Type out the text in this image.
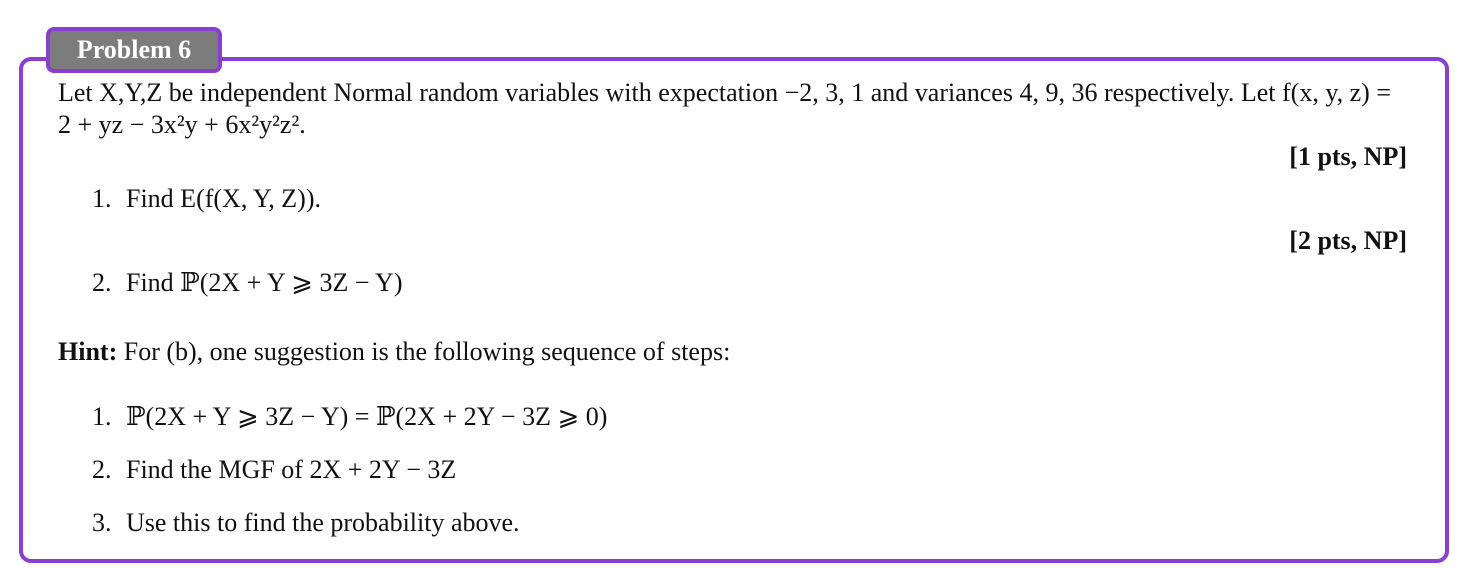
Problem 6
Let X,Y,Z be independent Normal random variables with expectation −2, 3, 1 and variances 4, 9, 36 respectively. Let f(x, y, z) =
2 + yz − 3x²y + 6x²y²z².
[1 pts, NP]
1. Find E(f(X, Y, Z)).
[2 pts, NP]
2. Find ℙ(2X + Y ⩾ 3Z − Y)
Hint: For (b), one suggestion is the following sequence of steps:
1. ℙ(2X + Y ⩾ 3Z − Y) = ℙ(2X + 2Y − 3Z ⩾ 0)
2. Find the MGF of 2X + 2Y − 3Z
3. Use this to find the probability above.
